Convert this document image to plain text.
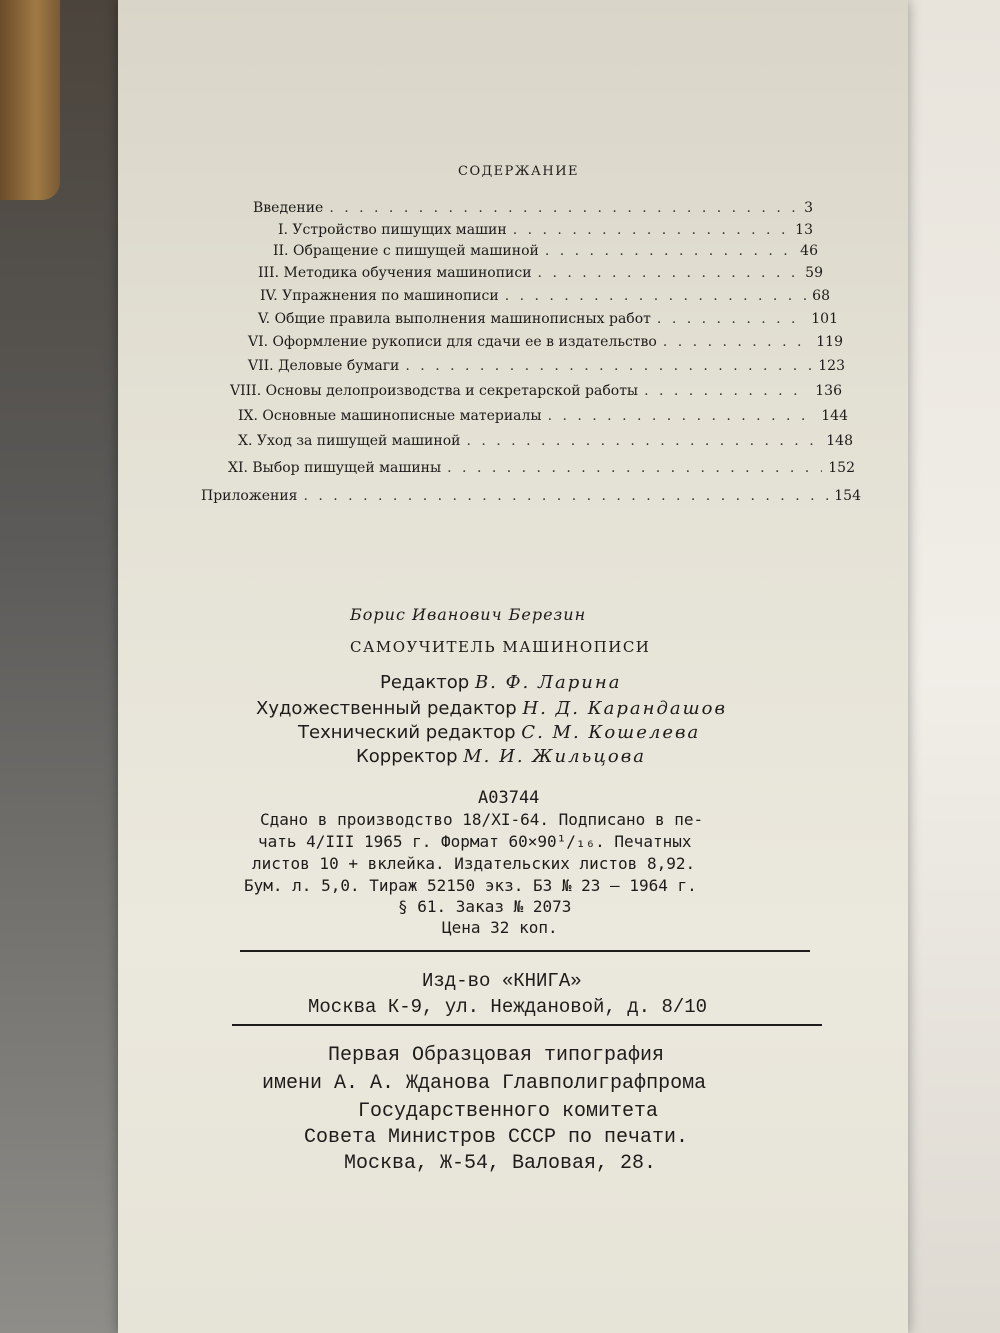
СОДЕРЖАНИЕ
Введение . . .	3
I. Устройство пишущих машин . . .	13
II. Обращение с пишущей машиной . . .	46
III. Методика обучения машинописи . . .	59
IV. Упражнения по машинописи . . .	68
V. Общие правила выполнения машинописных работ . . .	101
VI. Оформление рукописи для сдачи ее в издательство . . .	119
VII. Деловые бумаги . . .	123
VIII. Основы делопроизводства и секретарской работы . . .	136
IX. Основные машинописные материалы . . .	144
X. Уход за пишущей машиной . . .	148
XI. Выбор пишущей машины . . .	152
Приложения . . .	154
Борис Иванович Березин
САМОУЧИТЕЛЬ МАШИНОПИСИ
Редактор В. Ф. Ларина
Художественный редактор Н. Д. Карандашов
Технический редактор С. М. Кошелева
Корректор М. И. Жильцова
А03744
Сдано в производство 18/XI-64. Подписано в пе-
чать 4/III 1965 г. Формат 60×90¹/₁₆. Печатных
листов 10 + вклейка. Издательских листов 8,92.
Бум. л. 5,0. Тираж 52150 экз. БЗ № 23 — 1964 г.
§ 61. Заказ № 2073
Цена 32 коп.
Изд-во «КНИГА»
Москва К-9, ул. Неждановой, д. 8/10
Первая Образцовая типография
имени А. А. Жданова Главполиграфпрома
Государственного комитета
Совета Министров СССР по печати.
Москва, Ж-54, Валовая, 28.
